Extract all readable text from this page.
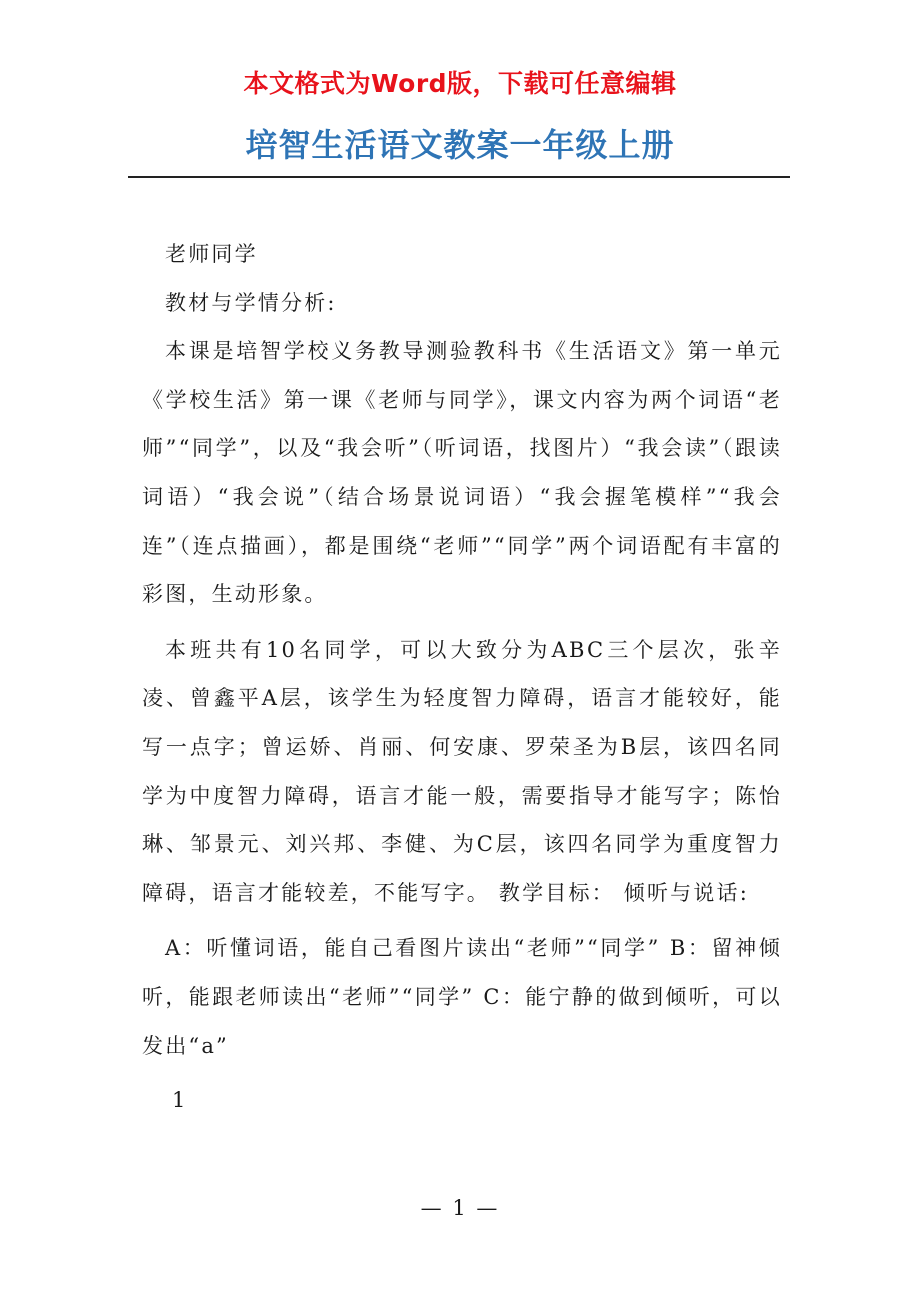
本文格式为Word版，下载可任意编辑
培智生活语文教案一年级上册

老师同学

教材与学情分析:

本课是培智学校义务教导测验教科书《生活语文》第一单元《学校生活》第一课《老师与同学》，课文内容为两个词语“老师”“同学”，以及“我会听”（听词语，找图片）“我会读”（跟读词语）“我会说”（结合场景说词语）“我会握笔模样”“我会连”（连点描画），都是围绕“老师”“同学”两个词语配有丰富的彩图，生动形象。

本班共有10名同学，可以大致分为ABC三个层次，张辛凌、曾鑫平A层，该学生为轻度智力障碍，语言才能较好，能写一点字；曾运娇、肖丽、何安康、罗荣圣为B层，该四名同学为中度智力障碍，语言才能一般，需要指导才能写字；陈怡琳、邹景元、刘兴邦、李健、为C层，该四名同学为重度智力障碍，语言才能较差，不能写字。 教学目标： 倾听与说话:

A：听懂词语，能自己看图片读出“老师”“同学” B：留神倾听，能跟老师读出“老师”“同学” C：能宁静的做到倾听，可以发出“a”

1

— 1 —
